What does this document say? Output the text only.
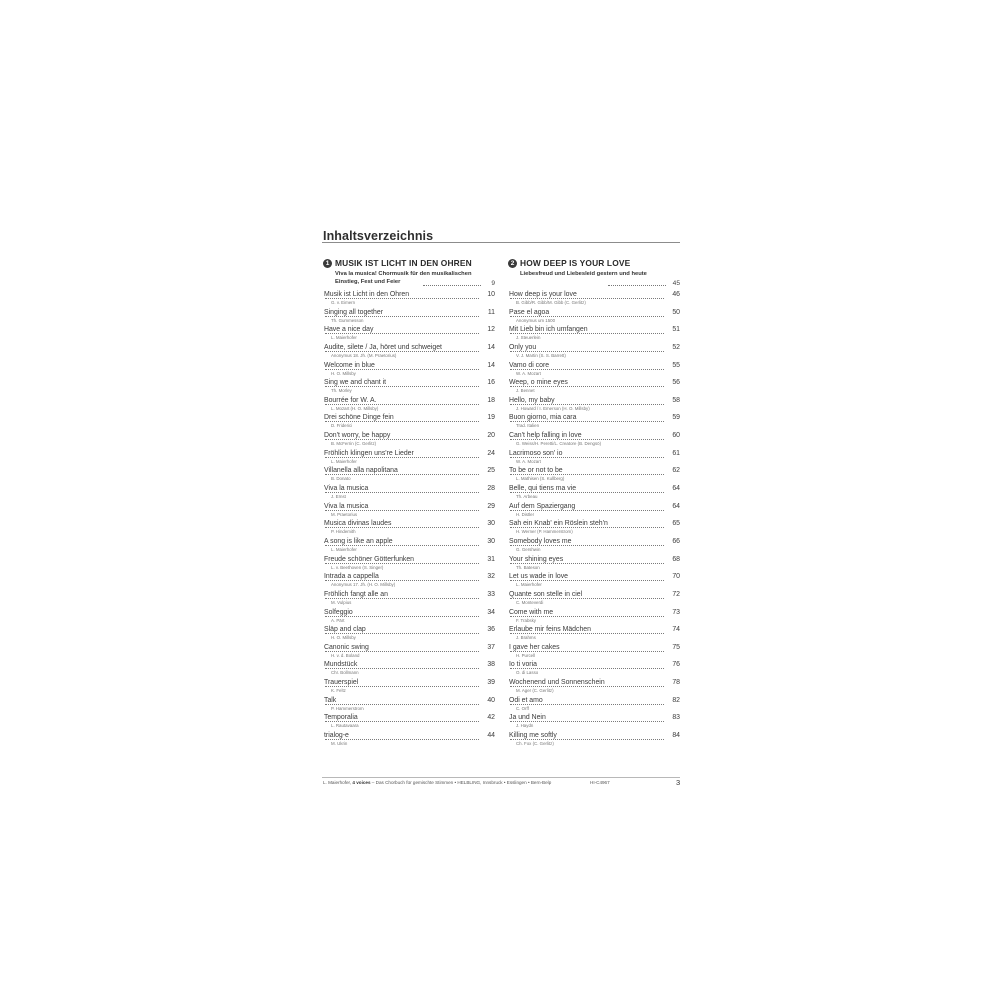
Inhaltsverzeichnis
1 MUSIK IST LICHT IN DEN OHREN
Viva la musica! Chormusik für den musikalischen Einstieg, Fest und Feier	9
Musik ist Licht in den Ohren	10
G. v. Eimern
Singing all together	11
Th. Gummesson
Have a nice day	12
L. Maierhofer
Audite, silete / Ja, höret und schweiget	14
Anonymus 18. Jh. (M. Praetorius)
Welcome in blue	14
H. O. Millsby
Sing we and chant it	16
Th. Morley
Bourrée for W. A.	18
L. Mozart (H. O. Millsby)
Drei schöne Dinge fein	19
D. Friderici
Don't worry, be happy	20
B. McFerrin (C. Gerlitz)
Fröhlich klingen uns're Lieder	24
L. Maierhofer
Villanella alla napolitana	25
B. Donato
Viva la musica	28
J. Ernst
Viva la musica	29
M. Praetorius
Musica divinas laudes	30
P. Hindemith
A song is like an apple	30
L. Maierhofer
Freude schöner Götterfunken	31
L. v. Beethoven (S. Singer)
Intrada a cappella	32
Anonymus 17. Jh. (H. O. Millsby)
Fröhlich fangt alle an	33
M. Vulpius
Solfeggio	34
A. Pärt
Släp and clap	36
H. O. Millsby
Canonic swing	37
H. v. d. Boland
Mundstück	38
Chr. Bollmann
Trauerspiel	39
K. Feltz
Talk	40
P. Hammerstrom
Temporalia	42
L. Rautavaara
trialog-e	44
M. Ukrin
2 HOW DEEP IS YOUR LOVE
Liebesfreud und Liebesleid gestern und heute
45
How deep is your love	46
B. Gibb/R. Gibb/M. Gibb (C. Gerlitz)
Pase el agoa	50
Anonymus um 1500
Mit Lieb bin ich umfangen	51
J. Steuerlein
Only you	52
V. J. Martin (S. S. Barrett)
Vamo di core	55
W. A. Mozart
Weep, o mine eyes	56
J. Bennet
Hello, my baby	58
J. Howard / I. Emerson (H. O. Millsby)
Buon giorno, mia cara	59
Trad. Italien
Can't help falling in love	60
G. Weiss/H. Peretti/L. Creatore (B. Dengsö)
Lacrimoso son' io	61
W. A. Mozart
To be or not to be	62
L. Mathisen (S. Kullberg)
Belle, qui tiens ma vie	64
Th. Arbeau
Auf dem Spaziergang	64
H. Distler
Sah ein Knab' ein Röslein steh'n	65
H. Werner (P. Hammerstrom)
Somebody loves me	66
G. Gershwin
Your shining eyes	68
Th. Bateson
Let us wade in love	70
L. Maierhofer
Quante son stelle in ciel	72
C. Monteverdi
Come with me	73
F. Trabsky
Erlaube mir feins Mädchen	74
J. Brahms
I gave her cakes	75
H. Purcell
Io ti voria	76
O. di Lasso
Wochenend und Sonnenschein	78
M. Ager (C. Gerlitz)
Odi et amo	82
C. Orff
Ja und Nein	83
J. Haydn
Killing me softly	84
Ch. Fox (C. Gerlitz)
L. Maierhofer, 4 voices – Das Chorbuch für gemischte Stimmen • HELBLING, Innsbruck • Esslingen • Bern-Belp	HI-C4967	3
